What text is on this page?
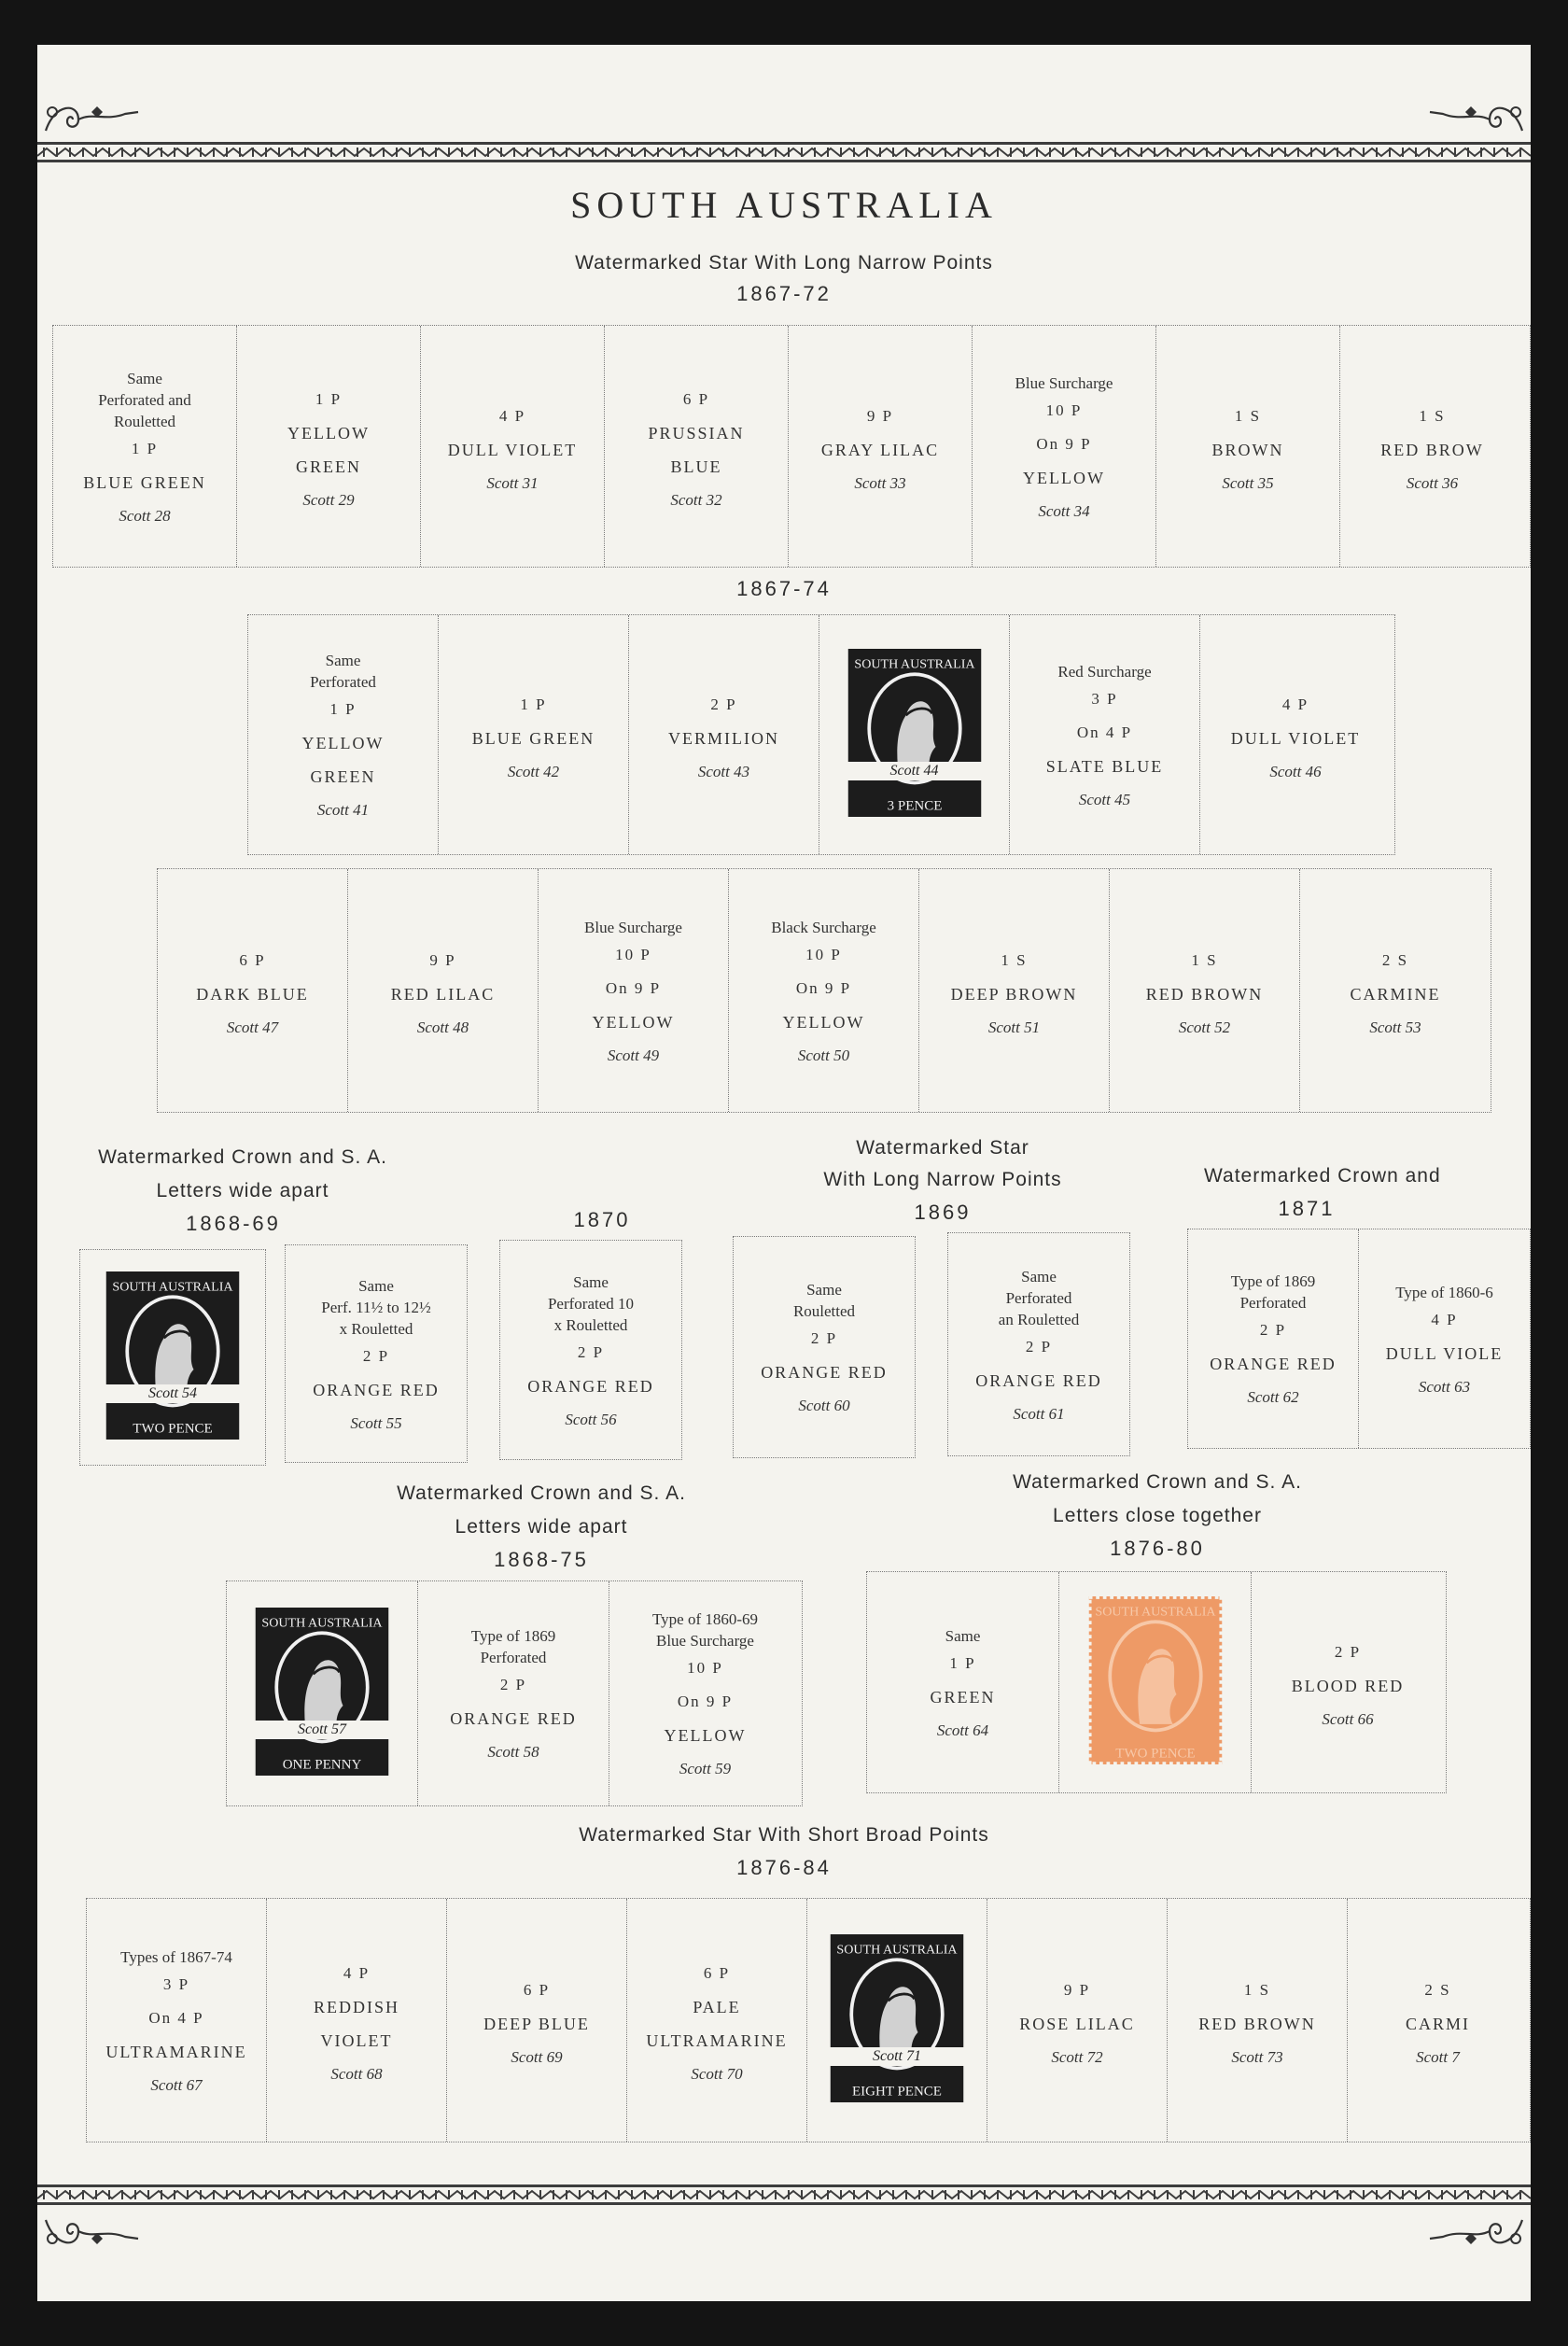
SOUTH AUSTRALIA
Watermarked Star With Long Narrow Points
1867-72
Same
Perforated and
Rouletted
1 P
BLUE GREEN
Scott 28
1 P
YELLOW
GREEN
Scott 29
4 P
DULL VIOLET
Scott 31
6 P
PRUSSIAN
BLUE
Scott 32
9 P
GRAY LILAC
Scott 33
Blue Surcharge
10 P
On 9 P
YELLOW
Scott 34
1 S
BROWN
Scott 35
1 S
RED BROW
Scott 36
1867-74
Same
Perforated
1 P
YELLOW
GREEN
Scott 41
1 P
BLUE GREEN
Scott 42
2 P
VERMILION
Scott 43
SOUTH AUSTRALIA
3 PENCE
Scott 44
Red Surcharge
3 P
On 4 P
SLATE BLUE
Scott 45
4 P
DULL VIOLET
Scott 46
6 P
DARK BLUE
Scott 47
9 P
RED LILAC
Scott 48
Blue Surcharge
10 P
On 9 P
YELLOW
Scott 49
Black Surcharge
10 P
On 9 P
YELLOW
Scott 50
1 S
DEEP BROWN
Scott 51
1 S
RED BROWN
Scott 52
2 S
CARMINE
Scott 53
Watermarked Crown and S. A.
Letters wide apart
1868-69	1870
Watermarked Star
With Long Narrow Points
1869
Watermarked Crown and
1871
SOUTH AUSTRALIA
TWO PENCE
Scott 54
Same
Perf. 11½ to 12½
x Rouletted
2 P
ORANGE RED
Scott 55
Same
Perforated 10
x Rouletted
2 P
ORANGE RED
Scott 56
Same
Rouletted
2 P
ORANGE RED
Scott 60
Same
Perforated
an Rouletted
2 P
ORANGE RED
Scott 61
Type of 1869
Perforated
2 P
ORANGE RED
Scott 62
Type of 1860-6
4 P
DULL VIOLE
Scott 63
Watermarked Crown and S. A.
Letters wide apart
1868-75
Watermarked Crown and S. A.
Letters close together
1876-80
SOUTH AUSTRALIA
ONE PENNY
Scott 57
Type of 1869
Perforated
2 P
ORANGE RED
Scott 58
Type of 1860-69
Blue Surcharge
10 P
On 9 P
YELLOW
Scott 59
Same
1 P
GREEN
Scott 64
SOUTH AUSTRALIA
TWO PENCE
2 P
BLOOD RED
Scott 66
Watermarked Star With Short Broad Points
1876-84
Types of 1867-74
3 P
On 4 P
ULTRAMARINE
Scott 67
4 P
REDDISH
VIOLET
Scott 68
6 P
DEEP BLUE
Scott 69
6 P
PALE
ULTRAMARINE
Scott 70
SOUTH AUSTRALIA
EIGHT PENCE
Scott 71
9 P
ROSE LILAC
Scott 72
1 S
RED BROWN
Scott 73
2 S
CARMI
Scott 7
